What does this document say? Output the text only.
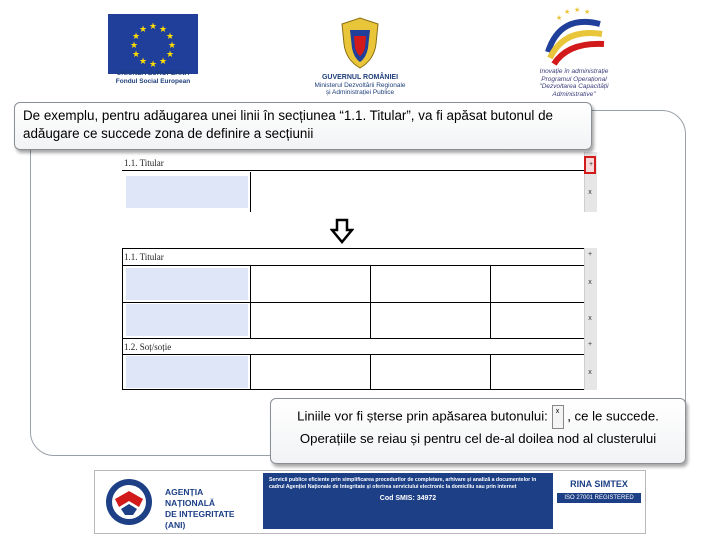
★ ★
★
★
★
★
★
★
★
★
★
★
UNIUNEA EUROPEANA
Fondul Social European	GUVERNUL ROMÂNIEI
Ministerul Dezvoltării Regionale
și Administrației Publice
★ ★ ★
★
Inovație în administrație
Programul Operațional
"Dezvoltarea Capacității
Administrative"
1.1. Titular	+
x
1.1. Titular
1.2. Soț/soție
+
x
x
+
x
De exemplu, pentru adăugarea unei linii în secțiunea “1.1. Titular”, va fi apăsat butonul de adăugare ce succede zona de definire a secțiunii
Liniile vor fi șterse prin apăsarea butonului: x , ce le succede.
Operațiile se reiau și pentru cel de-al doilea nod al clusterului
AGENȚIA NAȚIONALĂ
DE INTEGRITATE (ANI)
Servicii publice eficiente prin simplificarea procedurilor de completare, arhivare și analiză a documentelor în cadrul Agenției Naționale de Integritate și oferirea serviciului electronic la domiciliu sau prin internet
Cod SMIS: 34972
RINA SIMTEX
ISO 27001 REGISTERED
